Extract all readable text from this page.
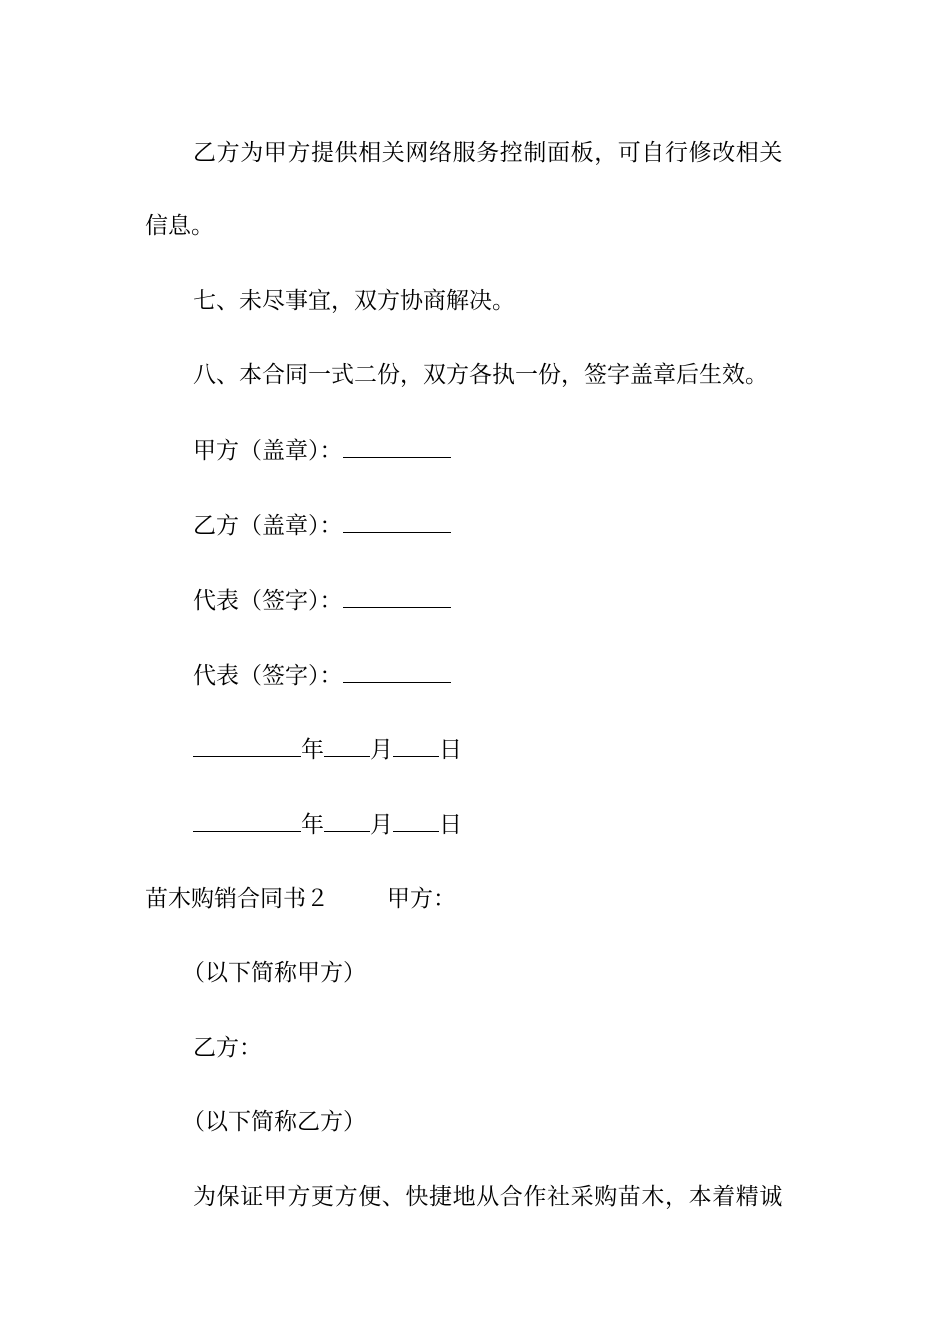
乙方为甲方提供相关网络服务控制面板，可自行修改相关
信息。
七、未尽事宜，双方协商解决。
八、本合同一式二份，双方各执一份，签字盖章后生效。
甲方（盖章）：
乙方（盖章）：
代表（签字）：
代表（签字）：
年 月 日
年 月 日
苗木购销合同书２	甲方：
（以下简称甲方）
乙方：
（以下简称乙方）
为保证甲方更方便、快捷地从合作社采购苗木，本着精诚
